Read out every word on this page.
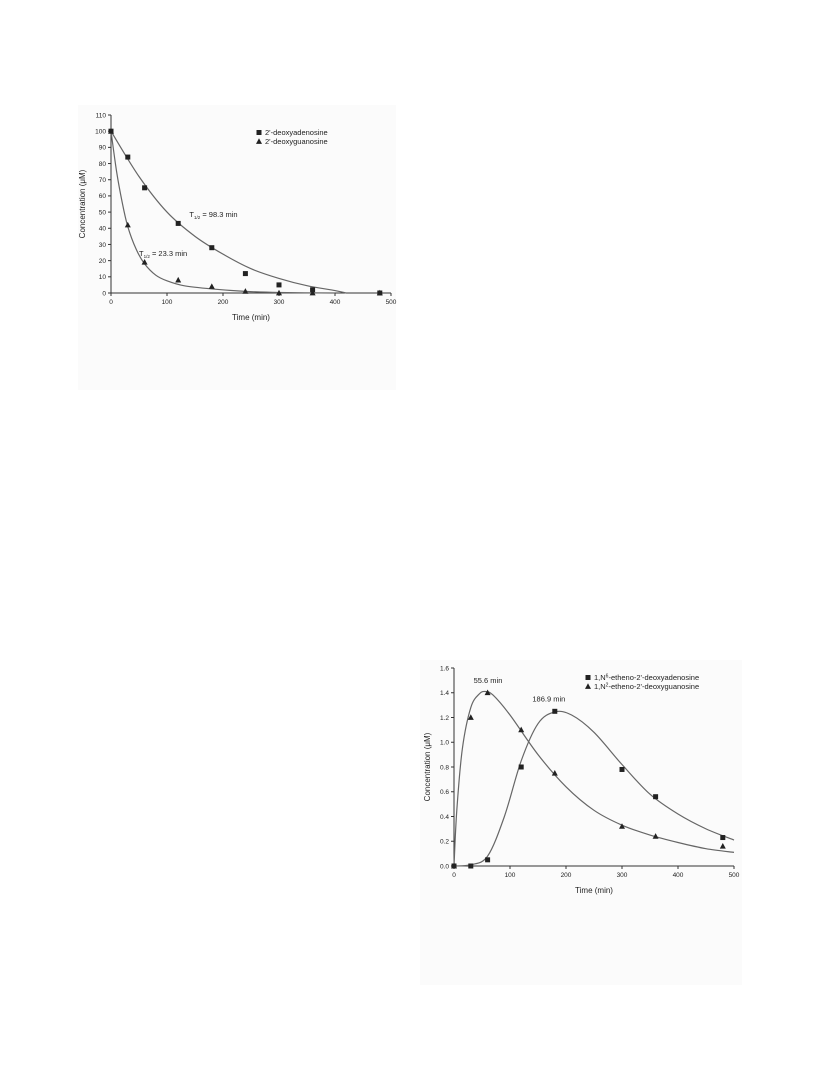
0	100	200	300	400	500
0
10
20
30
40
50
60
70
80
90
100
110
Time (min)
Concentration (μM)
2'-deoxyadenosine
2'-deoxyguanosine
$T_{1/2} = 98.3$ min
$T_{1/2} = 23.3$ min
0	100	200	300	400	500
0.0
0.2
0.4
0.6
0.8
1.0
1.2
1.4
1.6
Time (min)
Concentration (μM)
$1,N^6-etheno-2'$-deoxyadenosine
$1,N^2-etheno-2'$-deoxyguanosine
55.6 min
186.9 min
